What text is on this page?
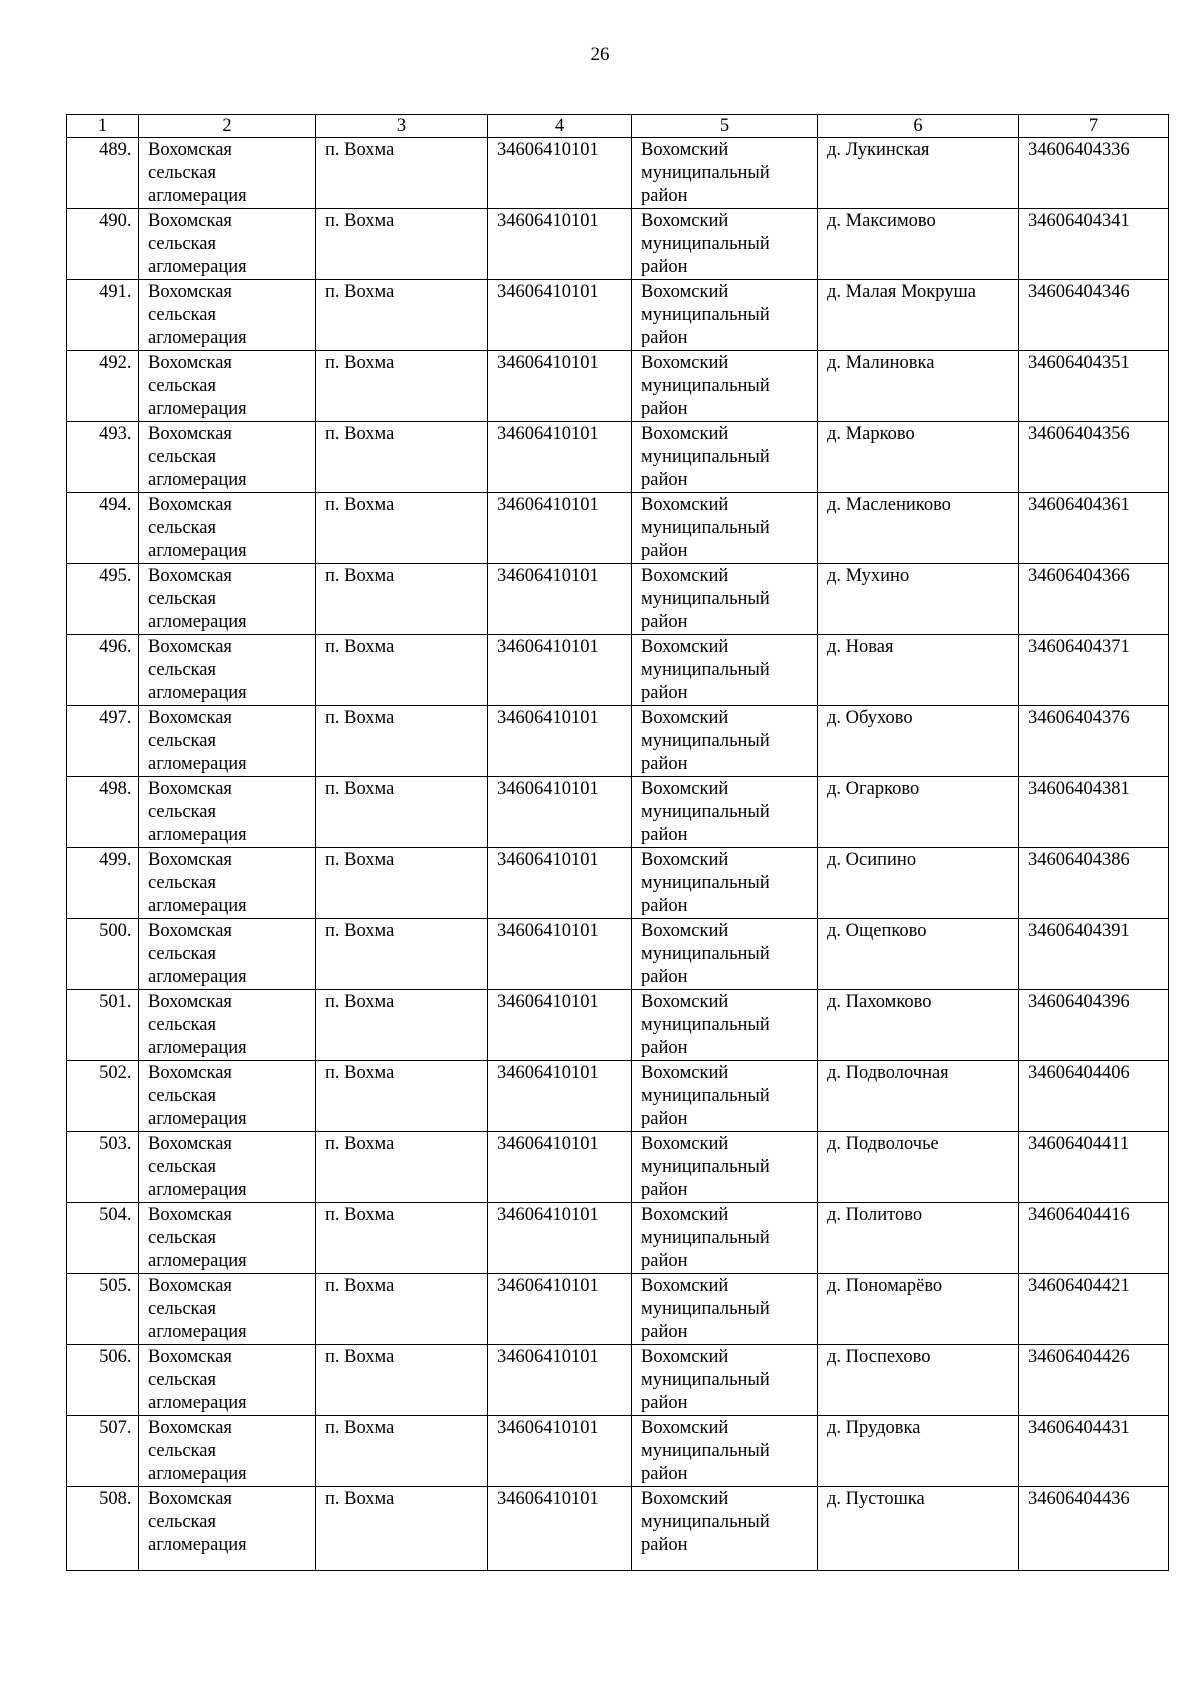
26
1	2	3	4	5	6	7
489.	Вохомская
сельская
агломерация	п. Вохма	34606410101	Вохомский
муниципальный
район	д. Лукинская	34606404336
490.	Вохомская
сельская
агломерация	п. Вохма	34606410101	Вохомский
муниципальный
район	д. Максимово	34606404341
491.	Вохомская
сельская
агломерация	п. Вохма	34606410101	Вохомский
муниципальный
район	д. Малая Мокруша	34606404346
492.	Вохомская
сельская
агломерация	п. Вохма	34606410101	Вохомский
муниципальный
район	д. Малиновка	34606404351
493.	Вохомская
сельская
агломерация	п. Вохма	34606410101	Вохомский
муниципальный
район	д. Марково	34606404356
494.	Вохомская
сельская
агломерация	п. Вохма	34606410101	Вохомский
муниципальный
район	д. Маслениково	34606404361
495.	Вохомская
сельская
агломерация	п. Вохма	34606410101	Вохомский
муниципальный
район	д. Мухино	34606404366
496.	Вохомская
сельская
агломерация	п. Вохма	34606410101	Вохомский
муниципальный
район	д. Новая	34606404371
497.	Вохомская
сельская
агломерация	п. Вохма	34606410101	Вохомский
муниципальный
район	д. Обухово	34606404376
498.	Вохомская
сельская
агломерация	п. Вохма	34606410101	Вохомский
муниципальный
район	д. Огарково	34606404381
499.	Вохомская
сельская
агломерация	п. Вохма	34606410101	Вохомский
муниципальный
район	д. Осипино	34606404386
500.	Вохомская
сельская
агломерация	п. Вохма	34606410101	Вохомский
муниципальный
район	д. Ощепково	34606404391
501.	Вохомская
сельская
агломерация	п. Вохма	34606410101	Вохомский
муниципальный
район	д. Пахомково	34606404396
502.	Вохомская
сельская
агломерация	п. Вохма	34606410101	Вохомский
муниципальный
район	д. Подволочная	34606404406
503.	Вохомская
сельская
агломерация	п. Вохма	34606410101	Вохомский
муниципальный
район	д. Подволочье	34606404411
504.	Вохомская
сельская
агломерация	п. Вохма	34606410101	Вохомский
муниципальный
район	д. Политово	34606404416
505.	Вохомская
сельская
агломерация	п. Вохма	34606410101	Вохомский
муниципальный
район	д. Пономарёво	34606404421
506.	Вохомская
сельская
агломерация	п. Вохма	34606410101	Вохомский
муниципальный
район	д. Поспехово	34606404426
507.	Вохомская
сельская
агломерация	п. Вохма	34606410101	Вохомский
муниципальный
район	д. Прудовка	34606404431
508.	Вохомская
сельская
агломерация	п. Вохма	34606410101	Вохомский
муниципальный
район	д. Пустошка	34606404436
